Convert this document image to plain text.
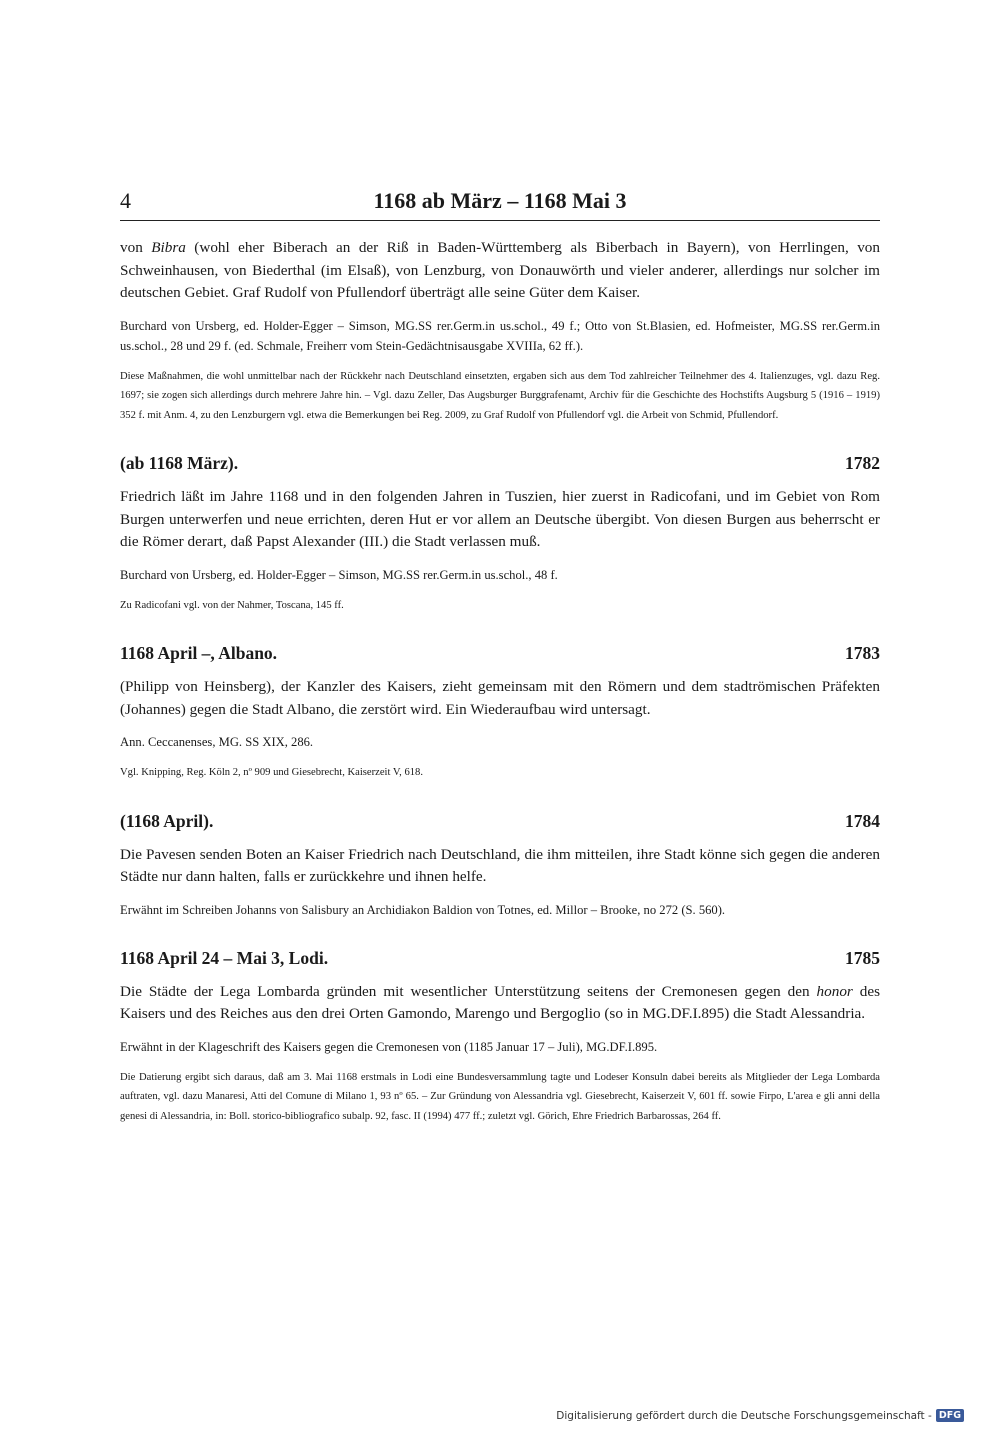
4	1168 ab März – 1168 Mai 3

von Bibra (wohl eher Biberach an der Riß in Baden-Württemberg als Biberbach in Bayern), von Herrlingen, von Schweinhausen, von Biederthal (im Elsaß), von Lenzburg, von Donauwörth und vieler anderer, allerdings nur solcher im deutschen Gebiet. Graf Rudolf von Pfullendorf überträgt alle seine Güter dem Kaiser.

Burchard von Ursberg, ed. Holder-Egger – Simson, MG.SS rer.Germ.in us.schol., 49 f.; Otto von St.Blasien, ed. Hofmeister, MG.SS rer.Germ.in us.schol., 28 und 29 f. (ed. Schmale, Freiherr vom Stein-Gedächtnisausgabe XVIIIa, 62 ff.).

Diese Maßnahmen, die wohl unmittelbar nach der Rückkehr nach Deutschland einsetzten, ergaben sich aus dem Tod zahlreicher Teilnehmer des 4. Italienzuges, vgl. dazu Reg. 1697; sie zogen sich allerdings durch mehrere Jahre hin. – Vgl. dazu Zeller, Das Augsburger Burggrafenamt, Archiv für die Geschichte des Hochstifts Augsburg 5 (1916 – 1919) 352 f. mit Anm. 4, zu den Lenzburgern vgl. etwa die Bemerkungen bei Reg. 2009, zu Graf Rudolf von Pfullendorf vgl. die Arbeit von Schmid, Pfullendorf.

(ab 1168 März).	1782

Friedrich läßt im Jahre 1168 und in den folgenden Jahren in Tuszien, hier zuerst in Radicofani, und im Gebiet von Rom Burgen unterwerfen und neue errichten, deren Hut er vor allem an Deutsche übergibt. Von diesen Burgen aus beherrscht er die Römer derart, daß Papst Alexander (III.) die Stadt verlassen muß.

Burchard von Ursberg, ed. Holder-Egger – Simson, MG.SS rer.Germ.in us.schol., 48 f.

Zu Radicofani vgl. von der Nahmer, Toscana, 145 ff.

1168 April –, Albano.	1783

(Philipp von Heinsberg), der Kanzler des Kaisers, zieht gemeinsam mit den Römern und dem stadtrömischen Präfekten (Johannes) gegen die Stadt Albano, die zerstört wird. Ein Wiederaufbau wird untersagt.

Ann. Ceccanenses, MG. SS XIX, 286.

Vgl. Knipping, Reg. Köln 2, nº 909 und Giesebrecht, Kaiserzeit V, 618.

(1168 April).	1784

Die Pavesen senden Boten an Kaiser Friedrich nach Deutschland, die ihm mitteilen, ihre Stadt könne sich gegen die anderen Städte nur dann halten, falls er zurückkehre und ihnen helfe.

Erwähnt im Schreiben Johanns von Salisbury an Archidiakon Baldion von Totnes, ed. Millor – Brooke, no 272 (S. 560).

1168 April 24 – Mai 3, Lodi.	1785

Die Städte der Lega Lombarda gründen mit wesentlicher Unterstützung seitens der Cremonesen gegen den honor des Kaisers und des Reiches aus den drei Orten Gamondo, Marengo und Bergoglio (so in MG.DF.I.895) die Stadt Alessandria.

Erwähnt in der Klageschrift des Kaisers gegen die Cremonesen von (1185 Januar 17 – Juli), MG.DF.I.895.

Die Datierung ergibt sich daraus, daß am 3. Mai 1168 erstmals in Lodi eine Bundesversammlung tagte und Lodeser Konsuln dabei bereits als Mitglieder der Lega Lombarda auftraten, vgl. dazu Manaresi, Atti del Comune di Milano 1, 93 nº 65. – Zur Gründung von Alessandria vgl. Giesebrecht, Kaiserzeit V, 601 ff. sowie Firpo, L'area e gli anni della genesi di Alessandria, in: Boll. storico-bibliografico subalp. 92, fasc. II (1994) 477 ff.; zuletzt vgl. Görich, Ehre Friedrich Barbarossas, 264 ff.

Digitalisierung gefördert durch die Deutsche Forschungsgemeinschaft - DFG
